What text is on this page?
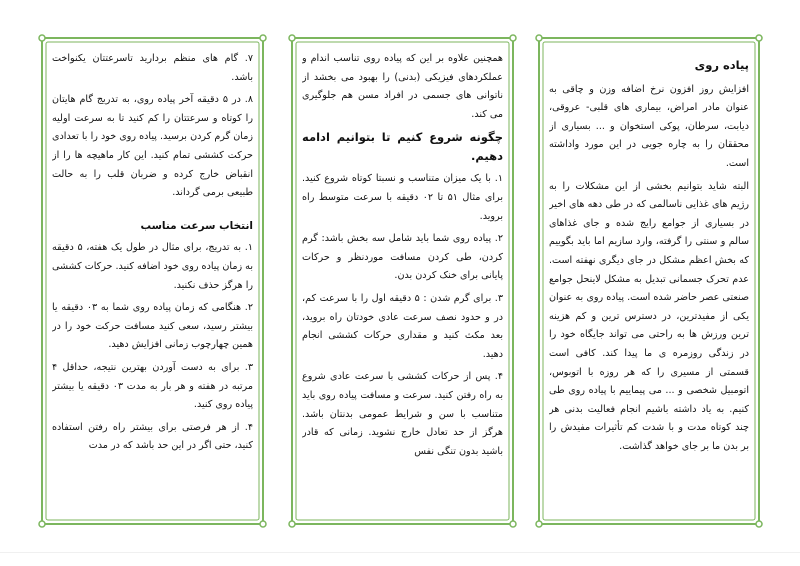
پیاده روی

افزایش روز افزون نرخ اضافه وزن و چاقی به عنوان مادر امراض، بیماری های قلبی- عروقی، دیابت، سرطان، پوکی استخوان و ... بسیاری از محققان را به چاره جویی در این مورد واداشته است.

البته شاید بتوانیم بخشی از این مشکلات را به رژیم های غذایی ناسالمی که در طی دهه های اخیر در بسیاری از جوامع رایج شده و جای غذاهای سالم و سنتی را گرفته، وارد سازیم اما باید بگوییم که بخش اعظم مشکل در جای دیگری نهفته است. عدم تحرک جسمانی تبدیل به مشکل لاینحل جوامع صنعتی عصر حاضر شده است. پیاده روی به عنوان یکی از مفیدترین، در دسترس ترین و کم هزینه ترین ورزش ها به راحتی می تواند جایگاه خود را در زندگی روزمره ی ما پیدا کند. کافی است قسمتی از مسیری را که هر روزه با اتوبوس، اتومبیل شخصی و ... می پیماییم با پیاده روی طی کنیم. به یاد داشته باشیم انجام فعالیت بدنی هر چند کوتاه مدت و با شدت کم تأثیرات مفیدش را بر بدن ما بر جای خواهد گذاشت.

همچنین علاوه بر این که پیاده روی تناسب اندام و عملکردهای فیزیکی (بدنی) را بهبود می بخشد از ناتوانی های جسمی در افراد مسن هم جلوگیری می کند.

چگونه شروع کنیم تا بتوانیم ادامه دهیم.

۱. با یک میزان متناسب و نسبتا کوتاه شروع کنید. برای مثال ۵۱ تا ۰۲ دقیقه با سرعت متوسط راه بروید.

۲. پیاده روی شما باید شامل سه بخش باشد: گرم کردن، طی کردن مسافت موردنظر و حرکات پایانی برای خنک کردن بدن.

۳. برای گرم شدن : ۵ دقیقه اول را با سرعت کم، در و حدود نصف سرعت عادی خودتان راه بروید، بعد مکث کنید و مقداری حرکات کششی انجام دهید.

۴. پس از حرکات کششی با سرعت عادی شروع به راه رفتن کنید. سرعت و مسافت پیاده روی باید متناسب با سن و شرایط عمومی بدنتان باشد. هرگز از حد تعادل خارج نشوید. زمانی که قادر باشید بدون تنگی نفس

۷. گام های منظم بردارید تاسرعتتان یکنواخت باشد.

۸. در ۵ دقیقه آخر پیاده روی، به تدریج گام هایتان را کوتاه و سرعتتان را کم کنید تا به سرعت اولیه زمان گرم کردن برسید. پیاده روی خود را با تعدادی حرکت کششی تمام کنید. این کار ماهیچه ها را از انقباض خارج کرده و ضربان قلب را به حالت طبیعی برمی گرداند.

انتخاب سرعت مناسب

۱. به تدریج، برای مثال در طول یک هفته، ۵ دقیقه به زمان پیاده روی خود اضافه کنید. حرکات کششی را هرگز حذف نکنید.

۲. هنگامی که زمان پیاده روی شما به ۰۳ دقیقه یا بیشتر رسید، سعی کنید مسافت حرکت خود را در همین چهارچوب زمانی افزایش دهید.

۳. برای به دست آوردن بهترین نتیجه، حداقل ۴ مرتبه در هفته و هر بار به مدت ۰۳ دقیقه یا بیشتر پیاده روی کنید.

۴. از هر فرصتی برای بیشتر راه رفتن استفاده کنید، حتی اگر در این حد باشد که در مدت
